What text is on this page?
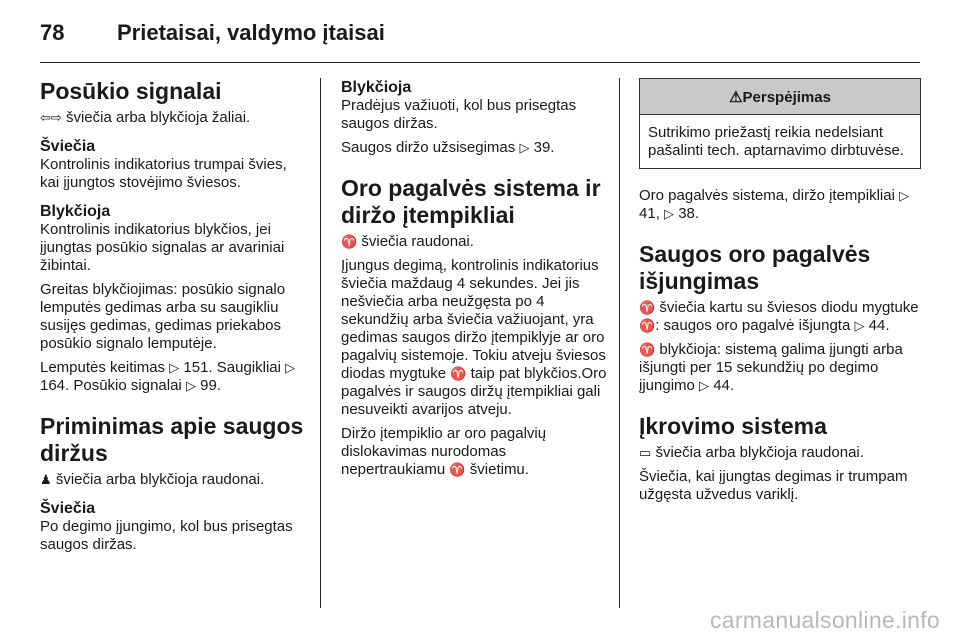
78 Prietaisai, valdymo įtaisai
Posūkio signalai

⇦⇨ šviečia arba blykčioja žaliai.

Šviečia

Kontrolinis indikatorius trumpai švies, kai įjungtos stovėjimo šviesos.

Blykčioja

Kontrolinis indikatorius blykčios, jei įjungtas posūkio signalas ar avariniai žibintai.

Greitas blykčiojimas: posūkio signalo lemputės gedimas arba su saugikliu susijęs gedimas, gedimas priekabos posūkio signalo lemputėje.

Lemputės keitimas ▷ 151. Saugikliai ▷ 164. Posūkio signalai ▷ 99.

Priminimas apie saugos diržus

♟ šviečia arba blykčioja raudonai.

Šviečia

Po degimo įjungimo, kol bus prisegtas saugos diržas.

Blykčioja

Pradėjus važiuoti, kol bus prisegtas saugos diržas.

Saugos diržo užsisegimas ▷ 39.

Oro pagalvės sistema ir diržo įtempikliai

♈ šviečia raudonai.

Įjungus degimą, kontrolinis indikatorius šviečia maždaug 4 sekundes. Jei jis nešviečia arba neužgęsta po 4 sekundžių arba šviečia važiuojant, yra gedimas saugos diržo įtempiklyje ar oro pagalvių sistemoje. Tokiu atveju šviesos diodas mygtuke ♈ taip pat blykčios.Oro pagalvės ir saugos diržų įtempikliai gali nesuveikti avarijos atveju.

Diržo įtempiklio ar oro pagalvių dislokavimas nurodomas nepertraukiamu ♈ švietimu.

⚠Perspėjimas

Sutrikimo priežastį reikia nedelsiant pašalinti tech. aptarnavimo dirbtuvėse.

Oro pagalvės sistema, diržo įtempikliai ▷ 41, ▷ 38.

Saugos oro pagalvės išjungimas

♈ šviečia kartu su šviesos diodu mygtuke ♈: saugos oro pagalvė išjungta ▷ 44.

♈ blykčioja: sistemą galima įjungti arba išjungti per 15 sekundžių po degimo įjungimo ▷ 44.

Įkrovimo sistema

▭ šviečia arba blykčioja raudonai.

Šviečia, kai įjungtas degimas ir trumpam užgęsta užvedus variklį.

carmanualsonline.info
